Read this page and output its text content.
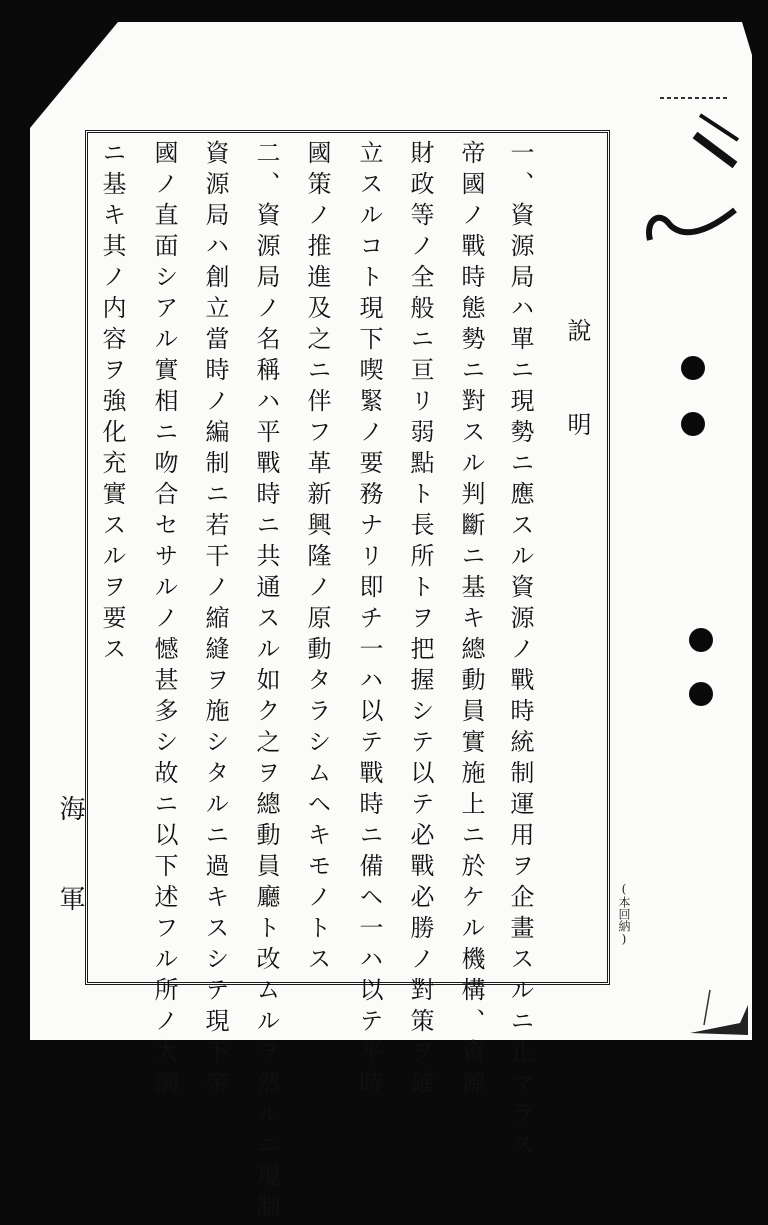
說明
一、資源局ハ單ニ現勢ニ應スル資源ノ戰時統制運用ヲ企畫スルニ止マラス
帝國ノ戰時態勢ニ對スル判斷ニ基キ總動員實施上ニ於ケル機構、資源
財政等ノ全般ニ亘リ弱點ト長所トヲ把握シテ以テ必戰必勝ノ對策ヲ確
立スルコト現下喫緊ノ要務ナリ即チ一ハ以テ戰時ニ備ヘ一ハ以テ平時
國策ノ推進及之ニ伴フ革新興隆ノ原動タラシムヘキモノトス
二、資源局ノ名稱ハ平戰時ニ共通スル如ク之ヲ總動員廳ト改ムルヲ然ルニ現制
資源局ハ創立當時ノ編制ニ若干ノ縮縫ヲ施シタルニ過キスシテ現下帝
國ノ直面シアル實相ニ吻合セサルノ憾甚多シ故ニ以下述フル所ノ大綱
ニ基キ其ノ内容ヲ強化充實スルヲ要ス
海軍	(本回納)
